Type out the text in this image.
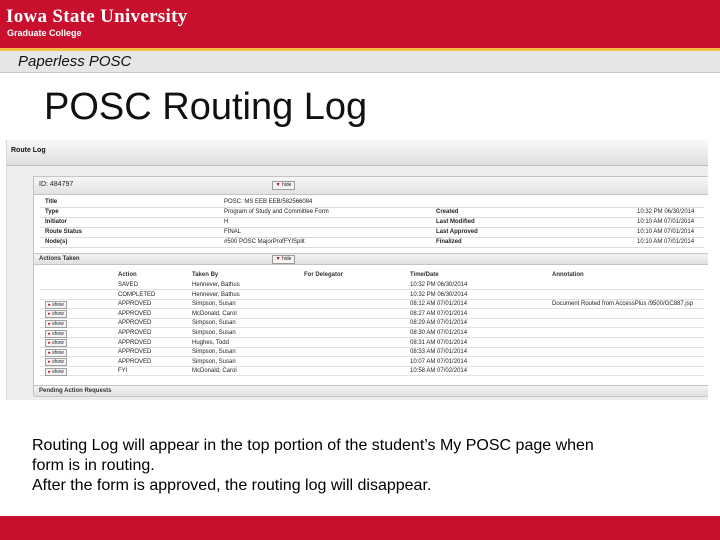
Iowa State University
Graduate College
Paperless POSC
POSC Routing Log
Route Log
ID: 484797	▼ hide
Title	POSC: MS EEB EEB/582566084
Type	Program of Study and Committee Form	Created	10:32 PM 06/30/2014
Initiator	H	Last Modified	10:10 AM 07/01/2014
Route Status	FINAL	Last Approved	10:10 AM 07/01/2014
Node(s)	#500 POSC MajorProfFYISplit	Finalized	10:10 AM 07/01/2014
Actions Taken	▼ hide
Action	Taken By	For Delegator	Time/Date	Annotation
SAVED	Hennever, Bathus	10:32 PM 06/30/2014
COMPLETED	Hennever, Bathus	10:32 PM 06/30/2014
▸ show	APPROVED	Simpson, Susan	08:12 AM 07/01/2014	Document Routed from AccessPlus /9500/GC887.jsp
▸ show	APPROVED	McDonald, Carol	08:27 AM 07/01/2014
▸ show	APPROVED	Simpson, Susan	08:29 AM 07/01/2014
▸ show	APPROVED	Simpson, Susan	08:30 AM 07/01/2014
▸ show	APPROVED	Hughes, Todd	08:31 AM 07/01/2014
▸ show	APPROVED	Simpson, Susan	08:33 AM 07/01/2014
▸ show	APPROVED	Simpson, Susan	10:07 AM 07/01/2014
▸ show	FYI	McDonald, Carol	10:58 AM 07/02/2014
Pending Action Requests
Routing Log will appear in the top portion of the student’s My POSC page when
form is in routing.
After the form is approved, the routing log will disappear.
